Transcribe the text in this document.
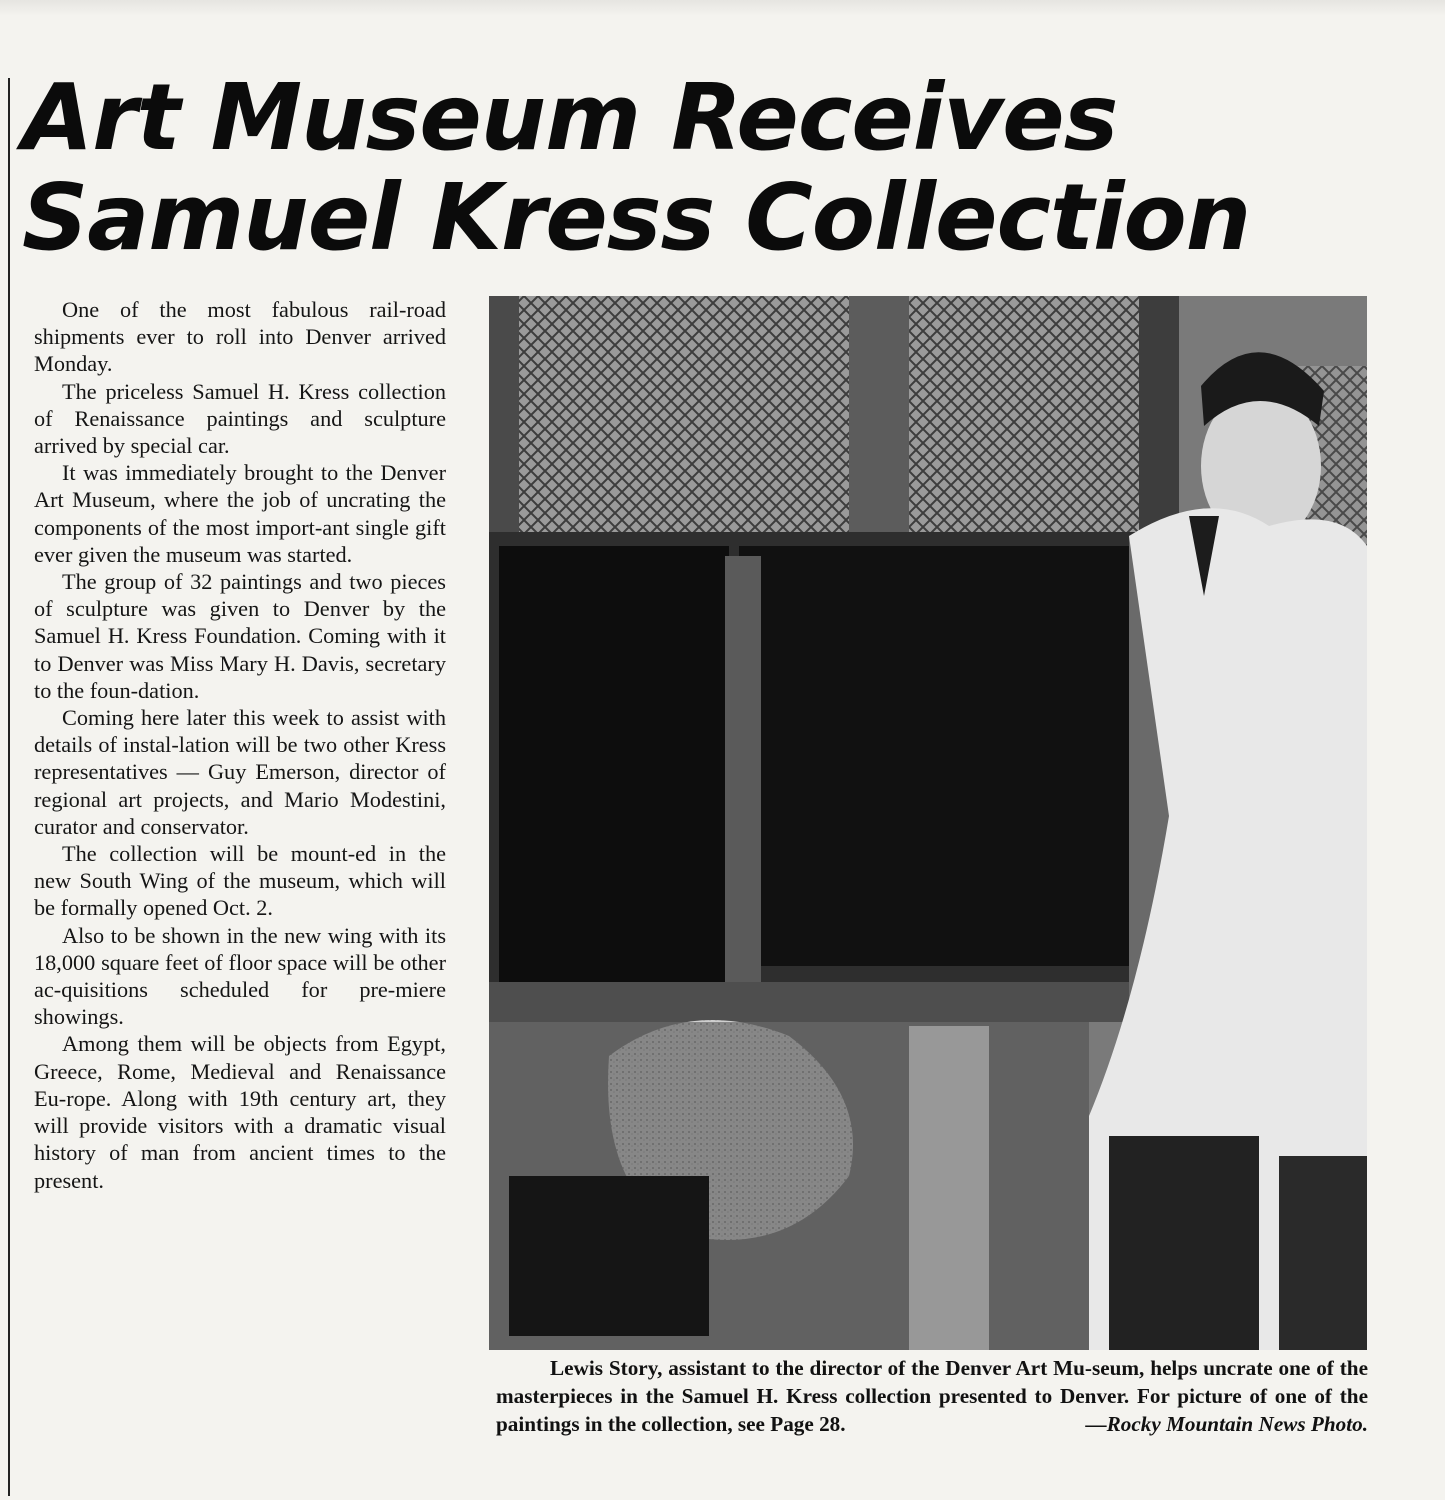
Art Museum Receives
Samuel Kress Collection

One of the most fabulous rail-road shipments ever to roll into Denver arrived Monday.

The priceless Samuel H. Kress collection of Renaissance paintings and sculpture arrived by special car.

It was immediately brought to the Denver Art Museum, where the job of uncrating the components of the most import-ant single gift ever given the museum was started.

The group of 32 paintings and two pieces of sculpture was given to Denver by the Samuel H. Kress Foundation. Coming with it to Denver was Miss Mary H. Davis, secretary to the foun-dation.

Coming here later this week to assist with details of instal-lation will be two other Kress representatives — Guy Emerson, director of regional art projects, and Mario Modestini, curator and conservator.

The collection will be mount-ed in the new South Wing of the museum, which will be formally opened Oct. 2.

Also to be shown in the new wing with its 18,000 square feet of floor space will be other ac-quisitions scheduled for pre-miere showings.

Among them will be objects from Egypt, Greece, Rome, Medieval and Renaissance Eu-rope. Along with 19th century art, they will provide visitors with a dramatic visual history of man from ancient times to the present.

Lewis Story, assistant to the director of the Denver Art Mu-seum, helps uncrate one of the masterpieces in the Samuel H. Kress collection presented to Denver. For picture of one of the paintings in the collection, see Page 28.	—Rocky Mountain News Photo.
